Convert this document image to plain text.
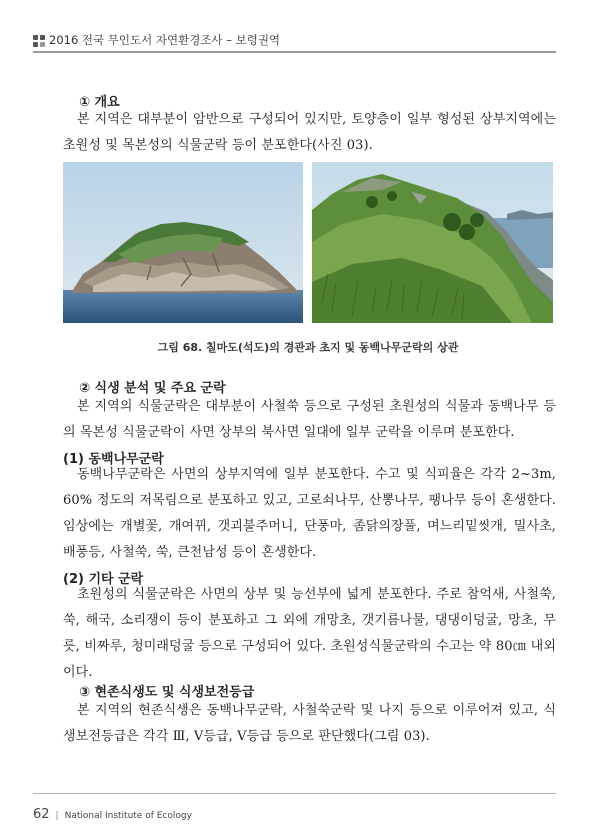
2016 전국 무인도서 자연환경조사 – 보령권역
① 개요
본 지역은 대부분이 암반으로 구성되어 있지만, 토양층이 일부 형성된 상부지역에는 초원성 및 목본성의 식물군락 등이 분포한다(사진 03).
그림 68. 칠마도(석도)의 경관과 초지 및 동백나무군락의 상관
② 식생 분석 및 주요 군락
본 지역의 식물군락은 대부분이 사철쑥 등으로 구성된 초원성의 식물과 동백나무 등의 목본성 식물군락이 사면 상부의 북사면 일대에 일부 군락을 이루며 분포한다.
(1) 동백나무군락
동백나무군락은 사면의 상부지역에 일부 분포한다. 수고 및 식피율은 각각 2~3m, 60% 정도의 저목림으로 분포하고 있고, 고로쇠나무, 산뽕나무, 팽나무 등이 혼생한다. 임상에는 개별꽃, 개여뀌, 갯괴불주머니, 단풍마, 좀닭의장풀, 며느리밑씻개, 밀사초, 배풍등, 사철쑥, 쑥, 큰천남성 등이 혼생한다.
(2) 기타 군락
초원성의 식물군락은 사면의 상부 및 능선부에 넓게 분포한다. 주로 참억새, 사철쑥, 쑥, 해국, 소리쟁이 등이 분포하고 그 외에 개망초, 갯기름나물, 댕댕이덩굴, 망초, 무릇, 비짜루, 청미래덩굴 등으로 구성되어 있다. 초원성식물군락의 수고는 약 80㎝ 내외이다.
③ 현존식생도 및 식생보전등급
본 지역의 현존식생은 동백나무군락, 사철쑥군락 및 나지 등으로 이루어져 있고, 식생보전등급은 각각 Ⅲ, Ⅴ등급, Ⅴ등급 등으로 판단했다(그림 03).
62 | National Institute of Ecology
